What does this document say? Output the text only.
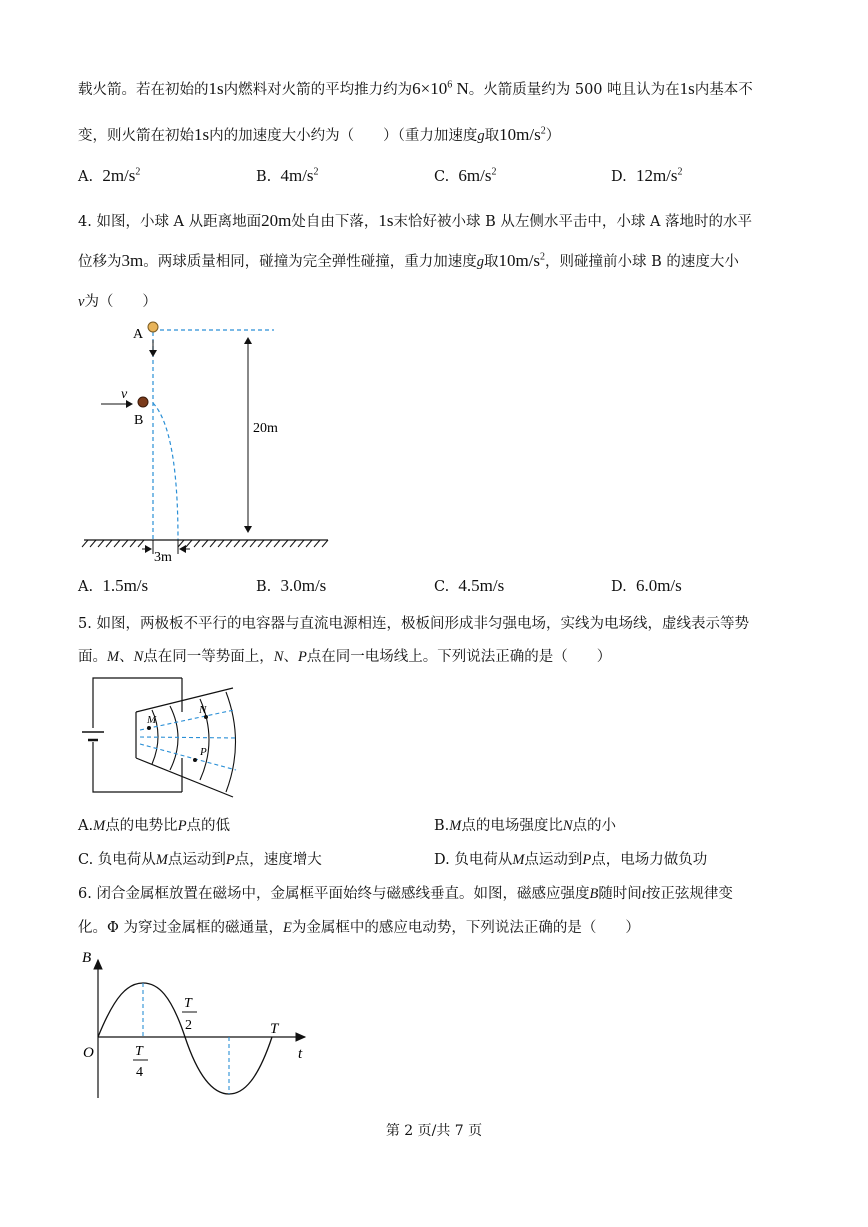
载火箭。若在初始的1s内燃料对火箭的平均推力约为$6\times 10^6$ N。火箭质量约为 500 吨且认为在1s内基本不
变，则火箭在初始1s内的加速度大小约为（　　）（重力加速度g取$10m/s^2$）
A. $2m/s^2$	B. $4m/s^2$	C. $6m/s^2$	D. $12m/s^2$
4. 如图，小球 A 从距离地面20m处自由下落，1s末恰好被小球 B 从左侧水平击中，小球 A 落地时的水平
位移为3m。两球质量相同，碰撞为完全弹性碰撞，重力加速度g取$10m/s^2$，则碰撞前小球 B 的速度大小
v为（　　）
A
B
v
20m
3m
A. 1.5m/s	B. 3.0m/s	C. 4.5m/s	D. 6.0m/s
5. 如图，两极板不平行的电容器与直流电源相连，极板间形成非匀强电场，实线为电场线，虚线表示等势
面。M、N点在同一等势面上，N、P点在同一电场线上。下列说法正确的是（　　）
M
N
P
A.M点的电势比P点的低	B.M点的电场强度比N点的小
C. 负电荷从M点运动到P点，速度增大	D. 负电荷从M点运动到P点，电场力做负功
6. 闭合金属框放置在磁场中，金属框平面始终与磁感线垂直。如图，磁感应强度B随时间t按正弦规律变
化。Φ 为穿过金属框的磁通量，E为金属框中的感应电动势，下列说法正确的是（　　）
B
O	t
T
T
4
T
2
第 2 页/共 7 页
